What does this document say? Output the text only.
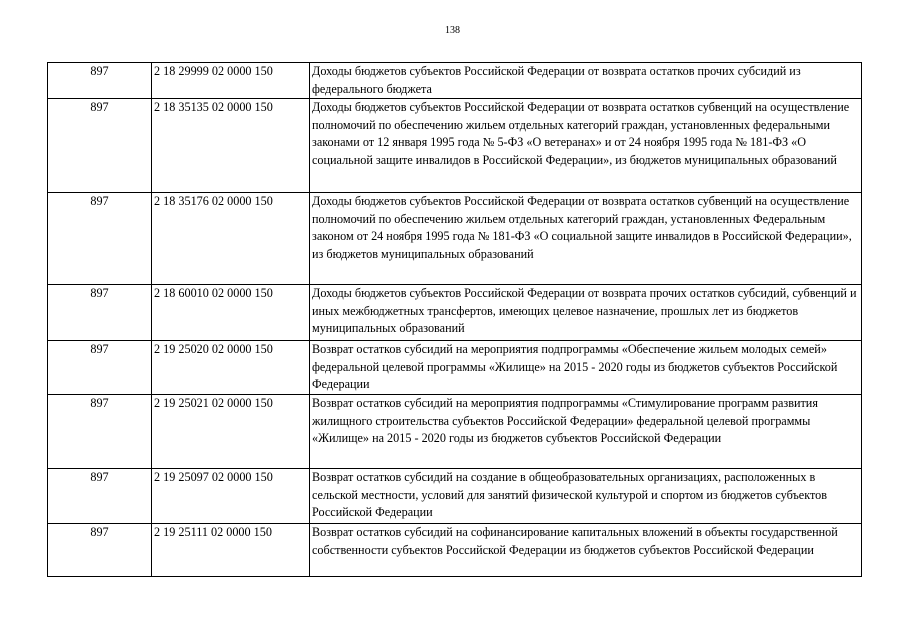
138
897	2 18 29999 02 0000 150	Доходы бюджетов субъектов Российской Федерации от возврата остатков прочих субсидий из федерального бюджета
897	2 18 35135 02 0000 150	Доходы бюджетов субъектов Российской Федерации от возврата остатков субвенций на осуществление полномочий по обеспечению жильем отдельных категорий граждан, установленных федеральными законами от 12 января 1995 года № 5-ФЗ «О ветеранах» и от 24 ноября 1995 года № 181-ФЗ «О социальной защите инвалидов в Российской Федерации», из бюджетов муниципальных образований
897	2 18 35176 02 0000 150	Доходы бюджетов субъектов Российской Федерации от возврата остатков субвенций на осуществление полномочий по обеспечению жильем отдельных категорий граждан, установленных Федеральным законом от 24 ноября 1995 года № 181-ФЗ «О социальной защите инвалидов в Российской Федерации», из бюджетов муниципальных образований
897	2 18 60010 02 0000 150	Доходы бюджетов субъектов Российской Федерации от возврата прочих остатков субсидий, субвенций и иных межбюджетных трансфертов, имеющих целевое назначение, прошлых лет из бюджетов муниципальных образований
897	2 19 25020 02 0000 150	Возврат остатков субсидий на мероприятия подпрограммы «Обеспечение жильем молодых семей» федеральной целевой программы «Жилище» на 2015 - 2020 годы из бюджетов субъектов Российской Федерации
897	2 19 25021 02 0000 150	Возврат остатков субсидий на мероприятия подпрограммы «Стимулирование программ развития жилищного строительства субъектов Российской Федерации» федеральной целевой программы «Жилище» на 2015 - 2020 годы из бюджетов субъектов Российской Федерации
897	2 19 25097 02 0000 150	Возврат остатков субсидий на создание в общеобразовательных организациях, расположенных в сельской местности, условий для занятий физической культурой и спортом из бюджетов субъектов Российской Федерации
897	2 19 25111 02 0000 150	Возврат остатков субсидий на софинансирование капитальных вложений в объекты государственной собственности субъектов Российской Федерации из бюджетов субъектов Российской Федерации
